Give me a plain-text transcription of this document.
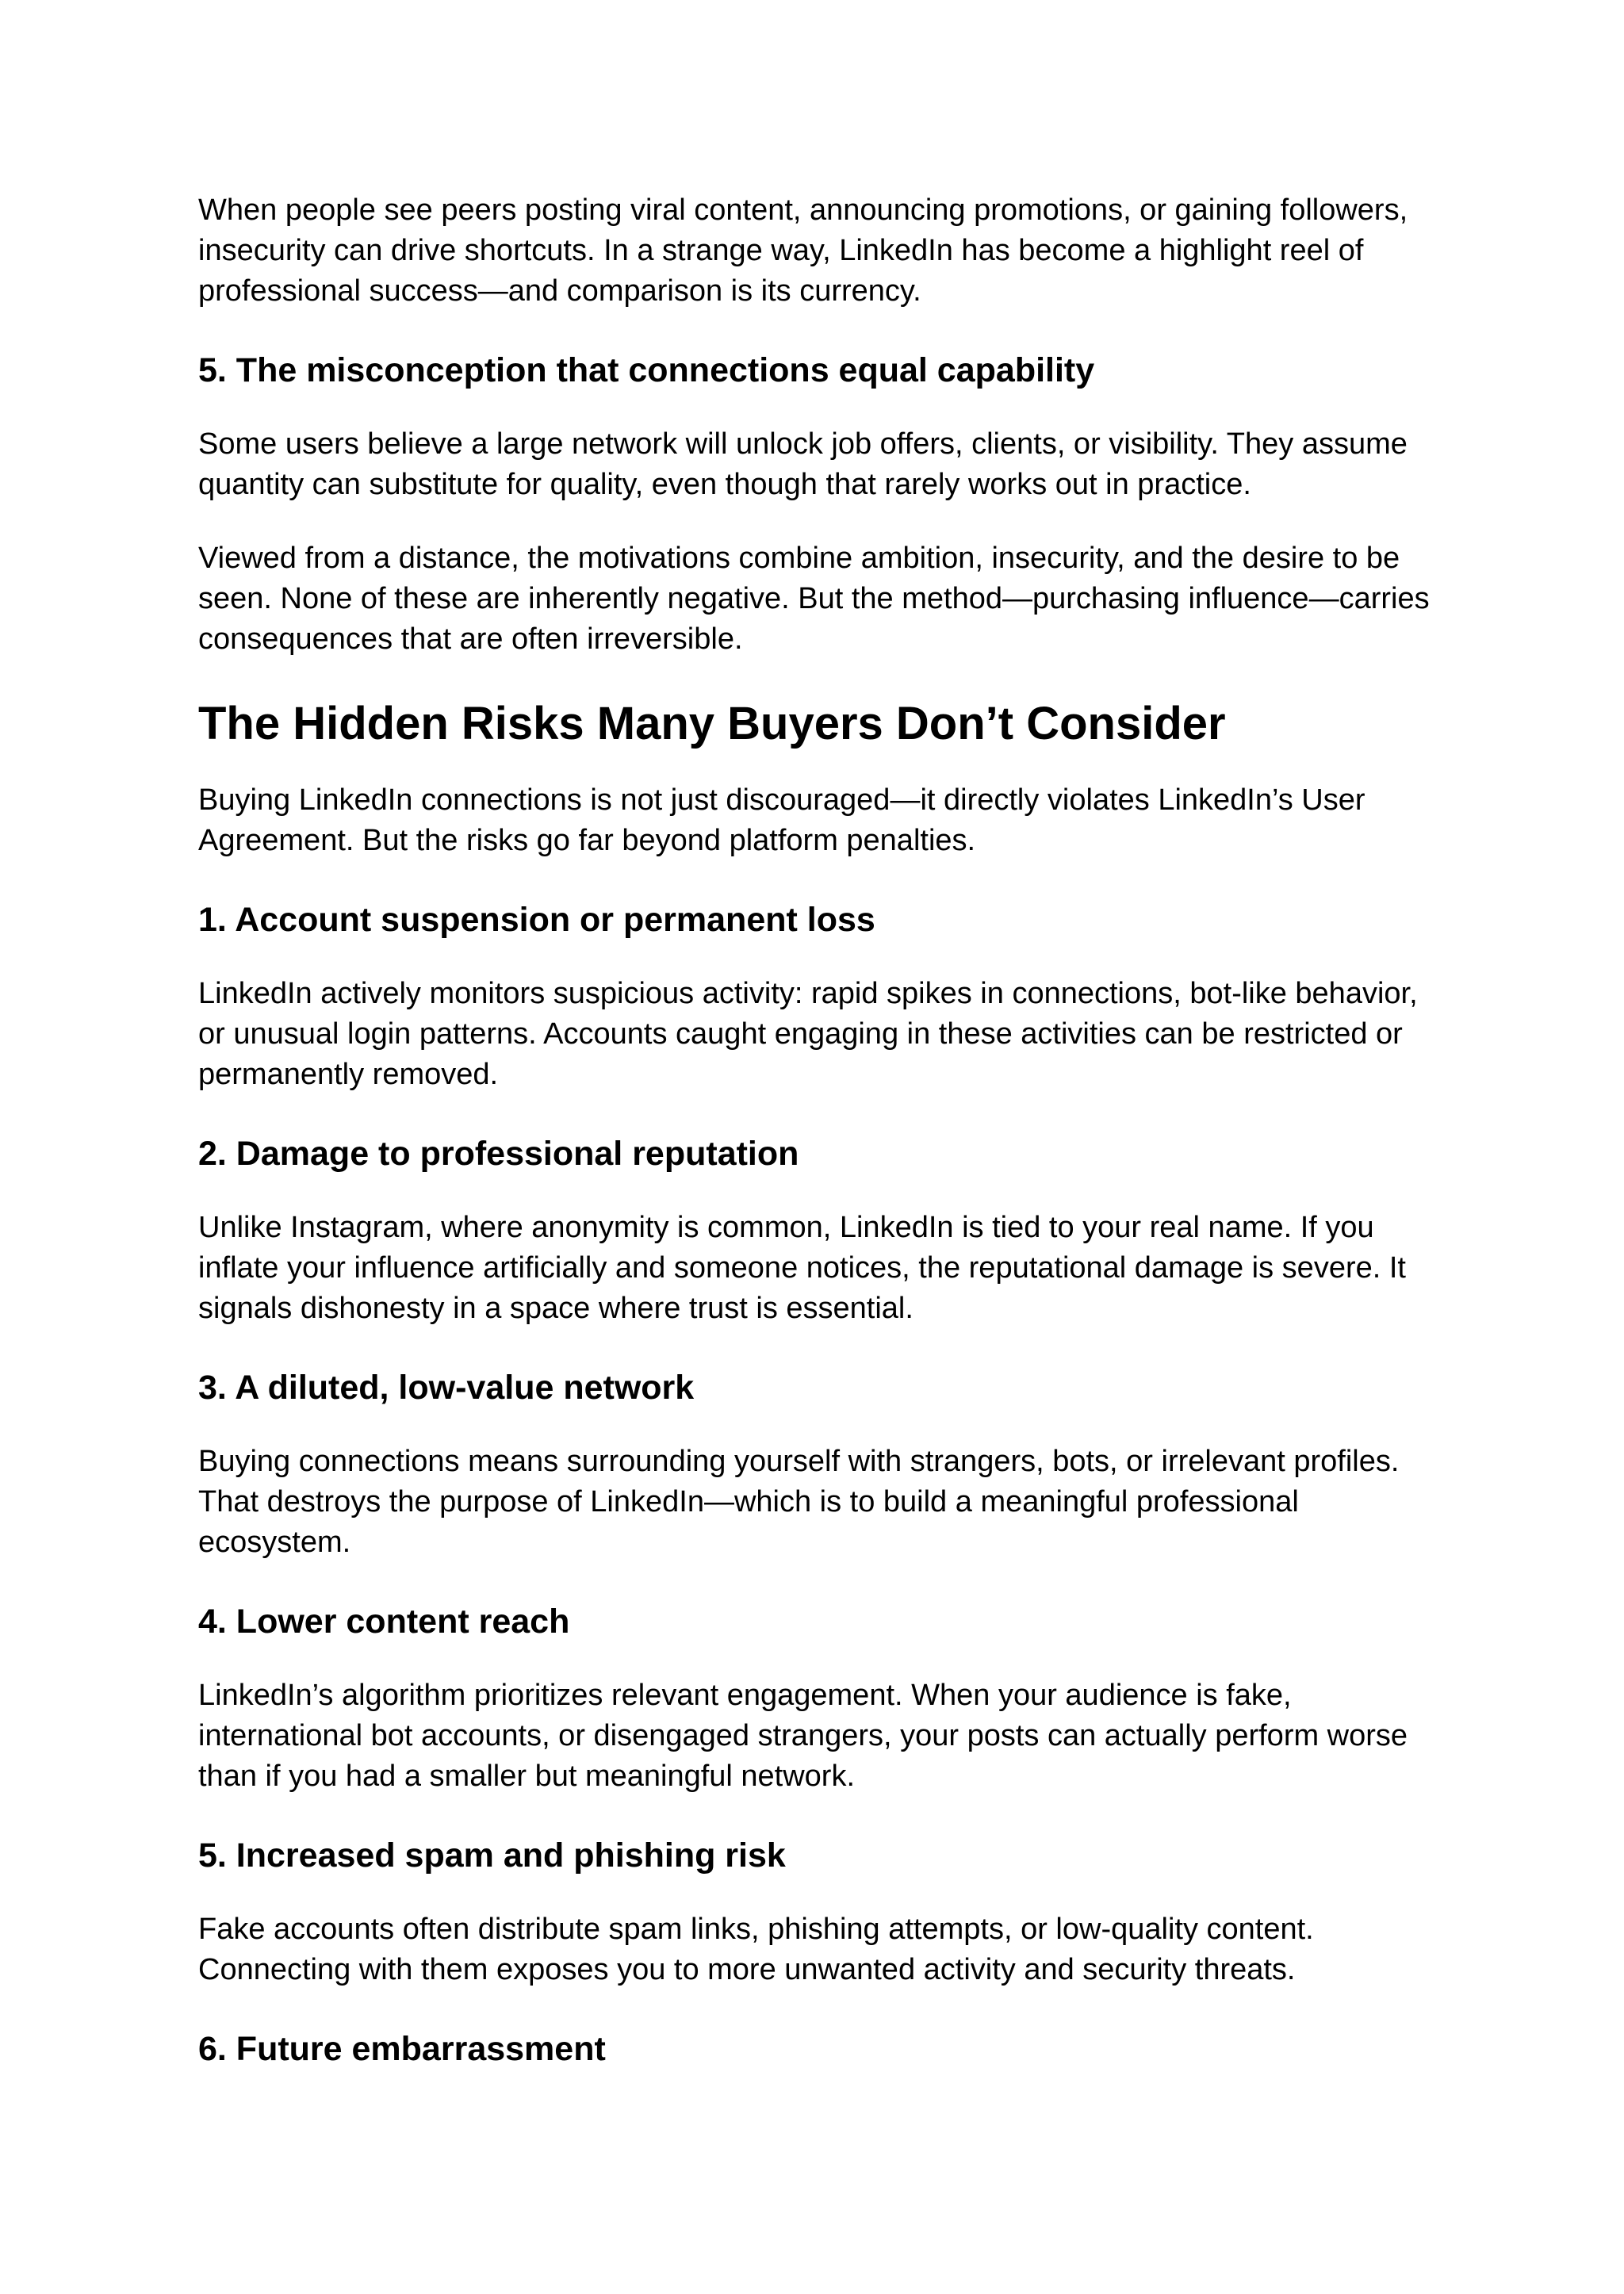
When people see peers posting viral content, announcing promotions, or gaining followers, insecurity can drive shortcuts. In a strange way, LinkedIn has become a highlight reel of professional success—and comparison is its currency.

5. The misconception that connections equal capability

Some users believe a large network will unlock job offers, clients, or visibility. They assume quantity can substitute for quality, even though that rarely works out in practice.

Viewed from a distance, the motivations combine ambition, insecurity, and the desire to be seen. None of these are inherently negative. But the method—purchasing influence—carries consequences that are often irreversible.

The Hidden Risks Many Buyers Don’t Consider

Buying LinkedIn connections is not just discouraged—it directly violates LinkedIn’s User Agreement. But the risks go far beyond platform penalties.

1. Account suspension or permanent loss

LinkedIn actively monitors suspicious activity: rapid spikes in connections, bot-like behavior, or unusual login patterns. Accounts caught engaging in these activities can be restricted or permanently removed.

2. Damage to professional reputation

Unlike Instagram, where anonymity is common, LinkedIn is tied to your real name. If you inflate your influence artificially and someone notices, the reputational damage is severe. It signals dishonesty in a space where trust is essential.

3. A diluted, low-value network

Buying connections means surrounding yourself with strangers, bots, or irrelevant profiles. That destroys the purpose of LinkedIn—which is to build a meaningful professional ecosystem.

4. Lower content reach

LinkedIn’s algorithm prioritizes relevant engagement. When your audience is fake, international bot accounts, or disengaged strangers, your posts can actually perform worse than if you had a smaller but meaningful network.

5. Increased spam and phishing risk

Fake accounts often distribute spam links, phishing attempts, or low-quality content. Connecting with them exposes you to more unwanted activity and security threats.

6. Future embarrassment
